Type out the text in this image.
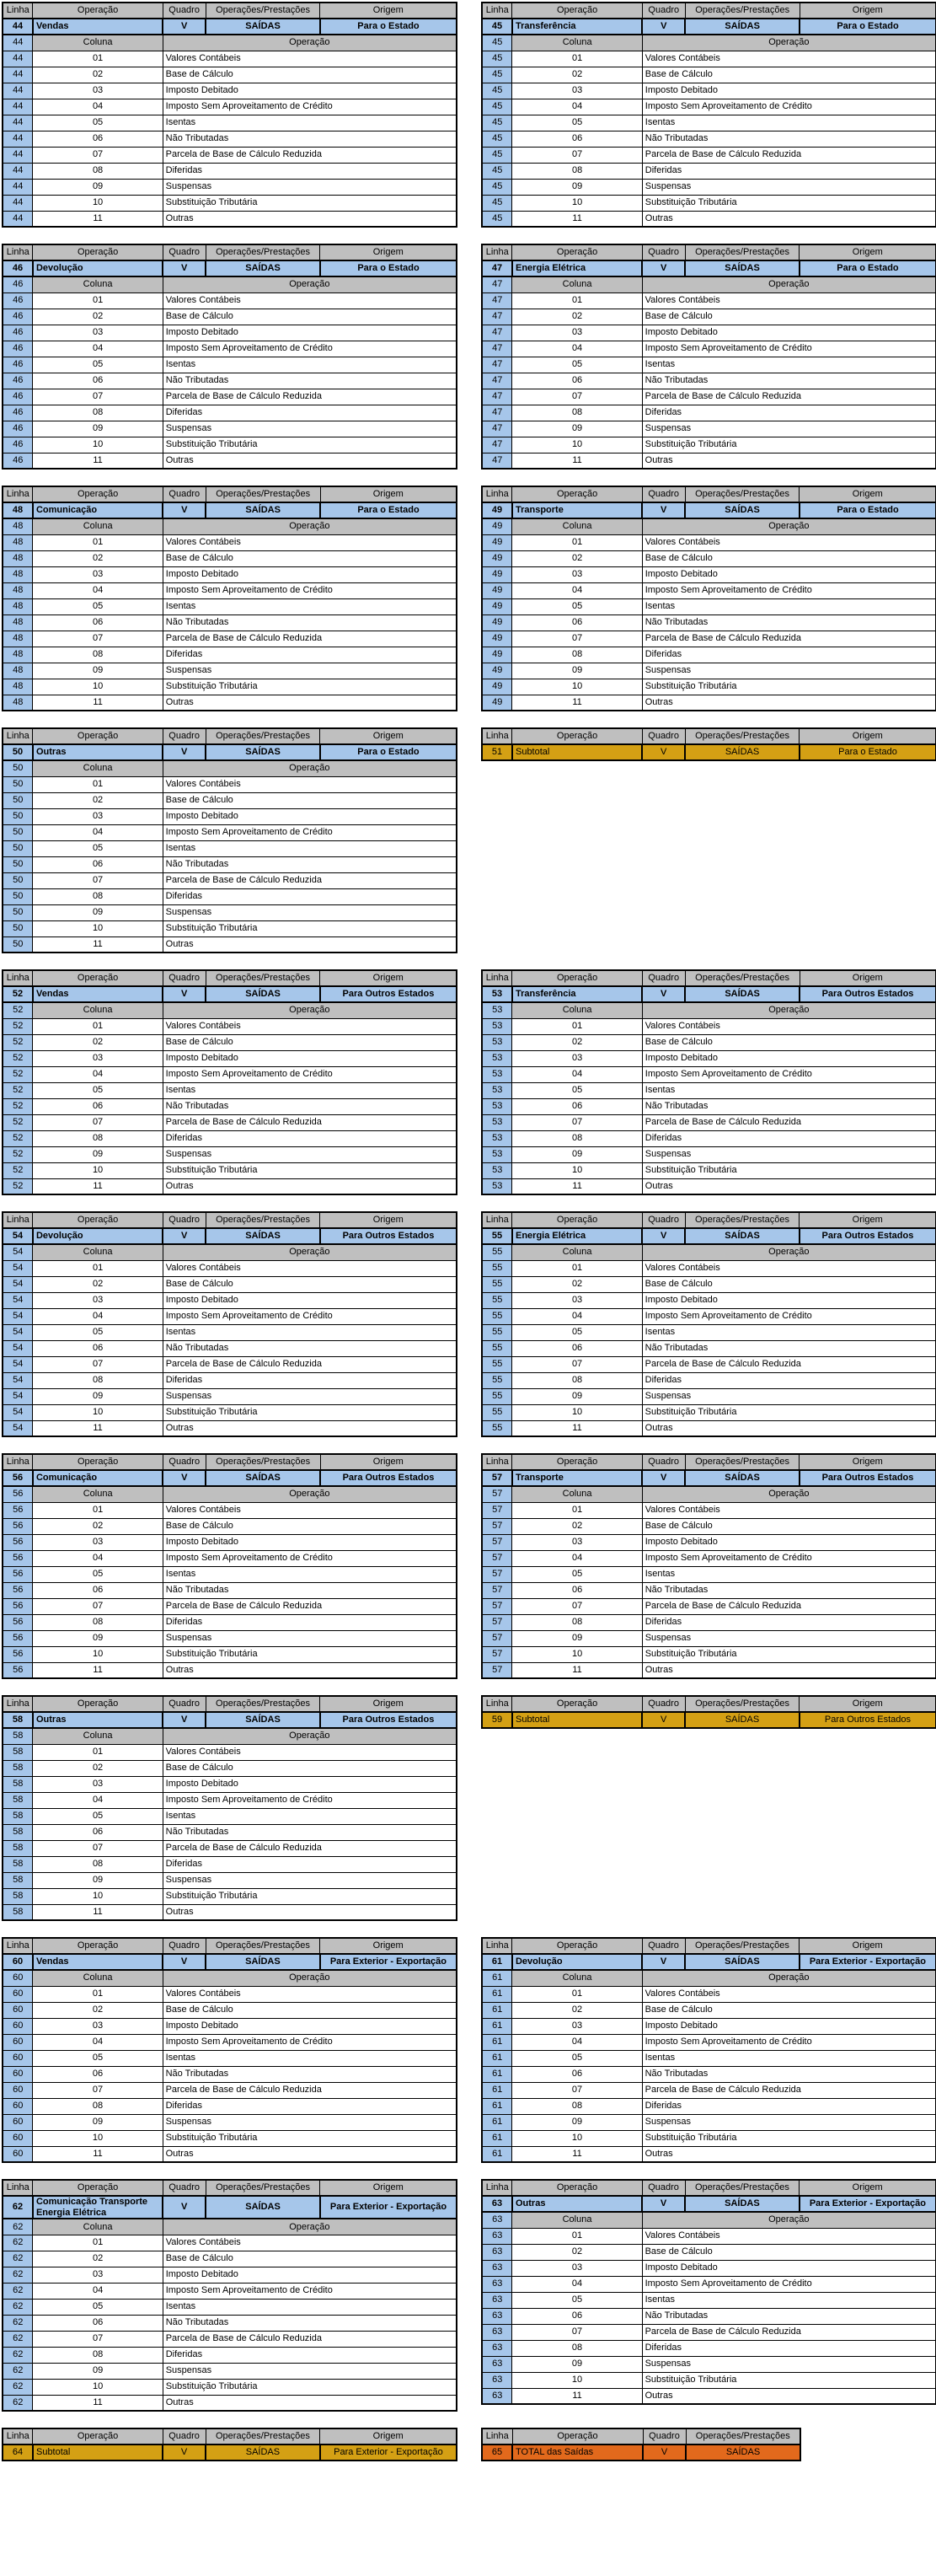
Linha	Operação	Quadro	Operações/Prestações	Origem
44	Vendas	V	SAÍDAS	Para o Estado
44	Coluna	Operação		
44	01	Valores Contábeis		
44	02	Base de Cálculo		
44	03	Imposto Debitado		
44	04	Imposto Sem Aproveitamento de Crédito		
44	05	Isentas		
44	06	Não Tributadas		
44	07	Parcela de Base de Cálculo Reduzida		
44	08	Diferidas		
44	09	Suspensas		
44	10	Substituição Tributária		
44	11	Outras		
Linha	Operação	Quadro	Operações/Prestações	Origem
45	Transferência	V	SAÍDAS	Para o Estado
45	Coluna	Operação		
45	01	Valores Contábeis		
45	02	Base de Cálculo		
45	03	Imposto Debitado		
45	04	Imposto Sem Aproveitamento de Crédito		
45	05	Isentas		
45	06	Não Tributadas		
45	07	Parcela de Base de Cálculo Reduzida		
45	08	Diferidas		
45	09	Suspensas		
45	10	Substituição Tributária		
45	11	Outras		
Linha	Operação	Quadro	Operações/Prestações	Origem
46	Devolução	V	SAÍDAS	Para o Estado
46	Coluna	Operação		
46	01	Valores Contábeis		
46	02	Base de Cálculo		
46	03	Imposto Debitado		
46	04	Imposto Sem Aproveitamento de Crédito		
46	05	Isentas		
46	06	Não Tributadas		
46	07	Parcela de Base de Cálculo Reduzida		
46	08	Diferidas		
46	09	Suspensas		
46	10	Substituição Tributária		
46	11	Outras		
Linha	Operação	Quadro	Operações/Prestações	Origem
47	Energia Elétrica	V	SAÍDAS	Para o Estado
47	Coluna	Operação		
47	01	Valores Contábeis		
47	02	Base de Cálculo		
47	03	Imposto Debitado		
47	04	Imposto Sem Aproveitamento de Crédito		
47	05	Isentas		
47	06	Não Tributadas		
47	07	Parcela de Base de Cálculo Reduzida		
47	08	Diferidas		
47	09	Suspensas		
47	10	Substituição Tributária		
47	11	Outras		
Linha	Operação	Quadro	Operações/Prestações	Origem
48	Comunicação	V	SAÍDAS	Para o Estado
48	Coluna	Operação		
48	01	Valores Contábeis		
48	02	Base de Cálculo		
48	03	Imposto Debitado		
48	04	Imposto Sem Aproveitamento de Crédito		
48	05	Isentas		
48	06	Não Tributadas		
48	07	Parcela de Base de Cálculo Reduzida		
48	08	Diferidas		
48	09	Suspensas		
48	10	Substituição Tributária		
48	11	Outras		
Linha	Operação	Quadro	Operações/Prestações	Origem
49	Transporte	V	SAÍDAS	Para o Estado
49	Coluna	Operação		
49	01	Valores Contábeis		
49	02	Base de Cálculo		
49	03	Imposto Debitado		
49	04	Imposto Sem Aproveitamento de Crédito		
49	05	Isentas		
49	06	Não Tributadas		
49	07	Parcela de Base de Cálculo Reduzida		
49	08	Diferidas		
49	09	Suspensas		
49	10	Substituição Tributária		
49	11	Outras		
Linha	Operação	Quadro	Operações/Prestações	Origem
50	Outras	V	SAÍDAS	Para o Estado
50	Coluna	Operação		
50	01	Valores Contábeis		
50	02	Base de Cálculo		
50	03	Imposto Debitado		
50	04	Imposto Sem Aproveitamento de Crédito		
50	05	Isentas		
50	06	Não Tributadas		
50	07	Parcela de Base de Cálculo Reduzida		
50	08	Diferidas		
50	09	Suspensas		
50	10	Substituição Tributária		
50	11	Outras		
Linha	Operação	Quadro	Operações/Prestações	Origem
51	Subtotal	V	SAÍDAS	Para o Estado
Linha	Operação	Quadro	Operações/Prestações	Origem
52	Vendas	V	SAÍDAS	Para Outros Estados
52	Coluna	Operação		
52	01	Valores Contábeis		
52	02	Base de Cálculo		
52	03	Imposto Debitado		
52	04	Imposto Sem Aproveitamento de Crédito		
52	05	Isentas		
52	06	Não Tributadas		
52	07	Parcela de Base de Cálculo Reduzida		
52	08	Diferidas		
52	09	Suspensas		
52	10	Substituição Tributária		
52	11	Outras		
Linha	Operação	Quadro	Operações/Prestações	Origem
53	Transferência	V	SAÍDAS	Para Outros Estados
53	Coluna	Operação		
53	01	Valores Contábeis		
53	02	Base de Cálculo		
53	03	Imposto Debitado		
53	04	Imposto Sem Aproveitamento de Crédito		
53	05	Isentas		
53	06	Não Tributadas		
53	07	Parcela de Base de Cálculo Reduzida		
53	08	Diferidas		
53	09	Suspensas		
53	10	Substituição Tributária		
53	11	Outras		
Linha	Operação	Quadro	Operações/Prestações	Origem
54	Devolução	V	SAÍDAS	Para Outros Estados
54	Coluna	Operação		
54	01	Valores Contábeis		
54	02	Base de Cálculo		
54	03	Imposto Debitado		
54	04	Imposto Sem Aproveitamento de Crédito		
54	05	Isentas		
54	06	Não Tributadas		
54	07	Parcela de Base de Cálculo Reduzida		
54	08	Diferidas		
54	09	Suspensas		
54	10	Substituição Tributária		
54	11	Outras		
Linha	Operação	Quadro	Operações/Prestações	Origem
55	Energia Elétrica	V	SAÍDAS	Para Outros Estados
55	Coluna	Operação		
55	01	Valores Contábeis		
55	02	Base de Cálculo		
55	03	Imposto Debitado		
55	04	Imposto Sem Aproveitamento de Crédito		
55	05	Isentas		
55	06	Não Tributadas		
55	07	Parcela de Base de Cálculo Reduzida		
55	08	Diferidas		
55	09	Suspensas		
55	10	Substituição Tributária		
55	11	Outras		
Linha	Operação	Quadro	Operações/Prestações	Origem
56	Comunicação	V	SAÍDAS	Para Outros Estados
56	Coluna	Operação		
56	01	Valores Contábeis		
56	02	Base de Cálculo		
56	03	Imposto Debitado		
56	04	Imposto Sem Aproveitamento de Crédito		
56	05	Isentas		
56	06	Não Tributadas		
56	07	Parcela de Base de Cálculo Reduzida		
56	08	Diferidas		
56	09	Suspensas		
56	10	Substituição Tributária		
56	11	Outras		
Linha	Operação	Quadro	Operações/Prestações	Origem
57	Transporte	V	SAÍDAS	Para Outros Estados
57	Coluna	Operação		
57	01	Valores Contábeis		
57	02	Base de Cálculo		
57	03	Imposto Debitado		
57	04	Imposto Sem Aproveitamento de Crédito		
57	05	Isentas		
57	06	Não Tributadas		
57	07	Parcela de Base de Cálculo Reduzida		
57	08	Diferidas		
57	09	Suspensas		
57	10	Substituição Tributária		
57	11	Outras		
Linha	Operação	Quadro	Operações/Prestações	Origem
58	Outras	V	SAÍDAS	Para Outros Estados
58	Coluna	Operação		
58	01	Valores Contábeis		
58	02	Base de Cálculo		
58	03	Imposto Debitado		
58	04	Imposto Sem Aproveitamento de Crédito		
58	05	Isentas		
58	06	Não Tributadas		
58	07	Parcela de Base de Cálculo Reduzida		
58	08	Diferidas		
58	09	Suspensas		
58	10	Substituição Tributária		
58	11	Outras		
Linha	Operação	Quadro	Operações/Prestações	Origem
59	Subtotal	V	SAÍDAS	Para Outros Estados
Linha	Operação	Quadro	Operações/Prestações	Origem
60	Vendas	V	SAÍDAS	Para Exterior - Exportação
60	Coluna	Operação		
60	01	Valores Contábeis		
60	02	Base de Cálculo		
60	03	Imposto Debitado		
60	04	Imposto Sem Aproveitamento de Crédito		
60	05	Isentas		
60	06	Não Tributadas		
60	07	Parcela de Base de Cálculo Reduzida		
60	08	Diferidas		
60	09	Suspensas		
60	10	Substituição Tributária		
60	11	Outras		
Linha	Operação	Quadro	Operações/Prestações	Origem
61	Devolução	V	SAÍDAS	Para Exterior - Exportação
61	Coluna	Operação		
61	01	Valores Contábeis		
61	02	Base de Cálculo		
61	03	Imposto Debitado		
61	04	Imposto Sem Aproveitamento de Crédito		
61	05	Isentas		
61	06	Não Tributadas		
61	07	Parcela de Base de Cálculo Reduzida		
61	08	Diferidas		
61	09	Suspensas		
61	10	Substituição Tributária		
61	11	Outras		
Linha	Operação	Quadro	Operações/Prestações	Origem
62	Comunicação Transporte Energia Elétrica	V	SAÍDAS	Para Exterior - Exportação
62	Coluna	Operação		
62	01	Valores Contábeis		
62	02	Base de Cálculo		
62	03	Imposto Debitado		
62	04	Imposto Sem Aproveitamento de Crédito		
62	05	Isentas		
62	06	Não Tributadas		
62	07	Parcela de Base de Cálculo Reduzida		
62	08	Diferidas		
62	09	Suspensas		
62	10	Substituição Tributária		
62	11	Outras		
Linha	Operação	Quadro	Operações/Prestações	Origem
63	Outras	V	SAÍDAS	Para Exterior - Exportação
63	Coluna	Operação		
63	01	Valores Contábeis		
63	02	Base de Cálculo		
63	03	Imposto Debitado		
63	04	Imposto Sem Aproveitamento de Crédito		
63	05	Isentas		
63	06	Não Tributadas		
63	07	Parcela de Base de Cálculo Reduzida		
63	08	Diferidas		
63	09	Suspensas		
63	10	Substituição Tributária		
63	11	Outras		
Linha	Operação	Quadro	Operações/Prestações	Origem
64	Subtotal	V	SAÍDAS	Para Exterior - Exportação
Linha	Operação	Quadro	Operações/Prestações
65	TOTAL das Saídas	V	SAÍDAS
